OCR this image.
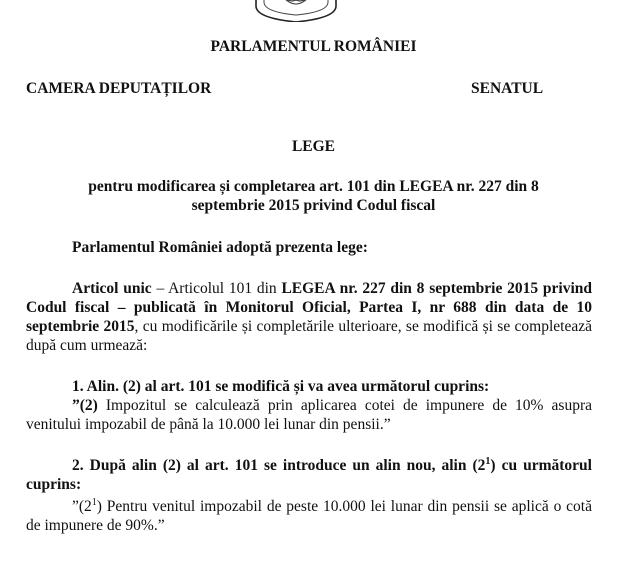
PARLAMENTUL ROMÂNIEI
CAMERA DEPUTAȚILOR	SENATUL
LEGE
pentru modificarea și completarea art. 101 din LEGEA nr. 227 din 8
septembrie 2015 privind Codul fiscal
Parlamentul României adoptă prezenta lege:

Articol unic – Articolul 101 din LEGEA nr. 227 din 8 septembrie 2015 privind Codul fiscal – publicată în Monitorul Oficial, Partea I, nr 688 din data de 10 septembrie 2015, cu modificările și completările ulterioare, se modifică și se completează după cum urmează:

1. Alin. (2) al art. 101 se modifică și va avea următorul cuprins:

”(2) Impozitul se calculează prin aplicarea cotei de impunere de 10% asupra venitului impozabil de până la 10.000 lei lunar din pensii.”

2. După alin (2) al art. 101 se introduce un alin nou, alin $(2^1)$ cu următorul cuprins:

$”(2^1)$ Pentru venitul impozabil de peste 10.000 lei lunar din pensii se aplică o cotă de impunere de 90%.”
